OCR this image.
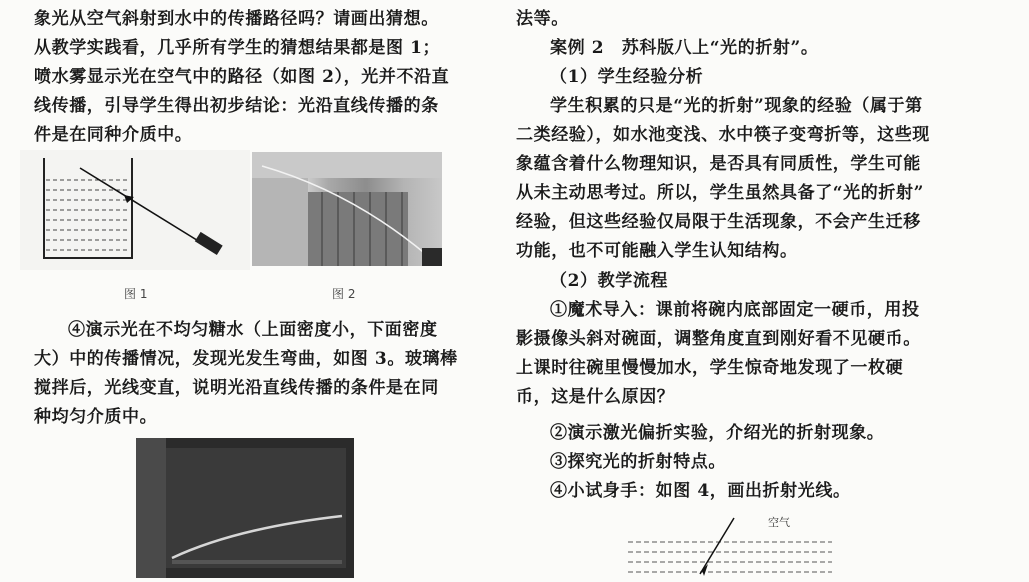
象光从空气斜射到水中的传播路径吗？请画出猜想。
从教学实践看，几乎所有学生的猜想结果都是图 1；
喷水雾显示光在空气中的路径（如图 2），光并不沿直
线传播，引导学生得出初步结论：光沿直线传播的条
件是在同种介质中。
④演示光在不均匀糖水（上面密度小，下面密度
大）中的传播情况，发现光发生弯曲，如图 3。玻璃棒
搅拌后，光线变直，说明光沿直线传播的条件是在同
种均匀介质中。
图 1	图 2
法等。
案例 2　苏科版八上“光的折射”。
（1）学生经验分析
学生积累的只是“光的折射”现象的经验（属于第
二类经验），如水池变浅、水中筷子变弯折等，这些现
象蕴含着什么物理知识，是否具有同质性，学生可能
从未主动思考过。所以，学生虽然具备了“光的折射”
经验，但这些经验仅局限于生活现象，不会产生迁移
功能，也不可能融入学生认知结构。
（2）教学流程
①魔术导入：课前将碗内底部固定一硬币，用投
影摄像头斜对碗面，调整角度直到刚好看不见硬币。
上课时往碗里慢慢加水，学生惊奇地发现了一枚硬
币，这是什么原因？
②演示激光偏折实验，介绍光的折射现象。
③探究光的折射特点。
④小试身手：如图 4，画出折射光线。
空气
